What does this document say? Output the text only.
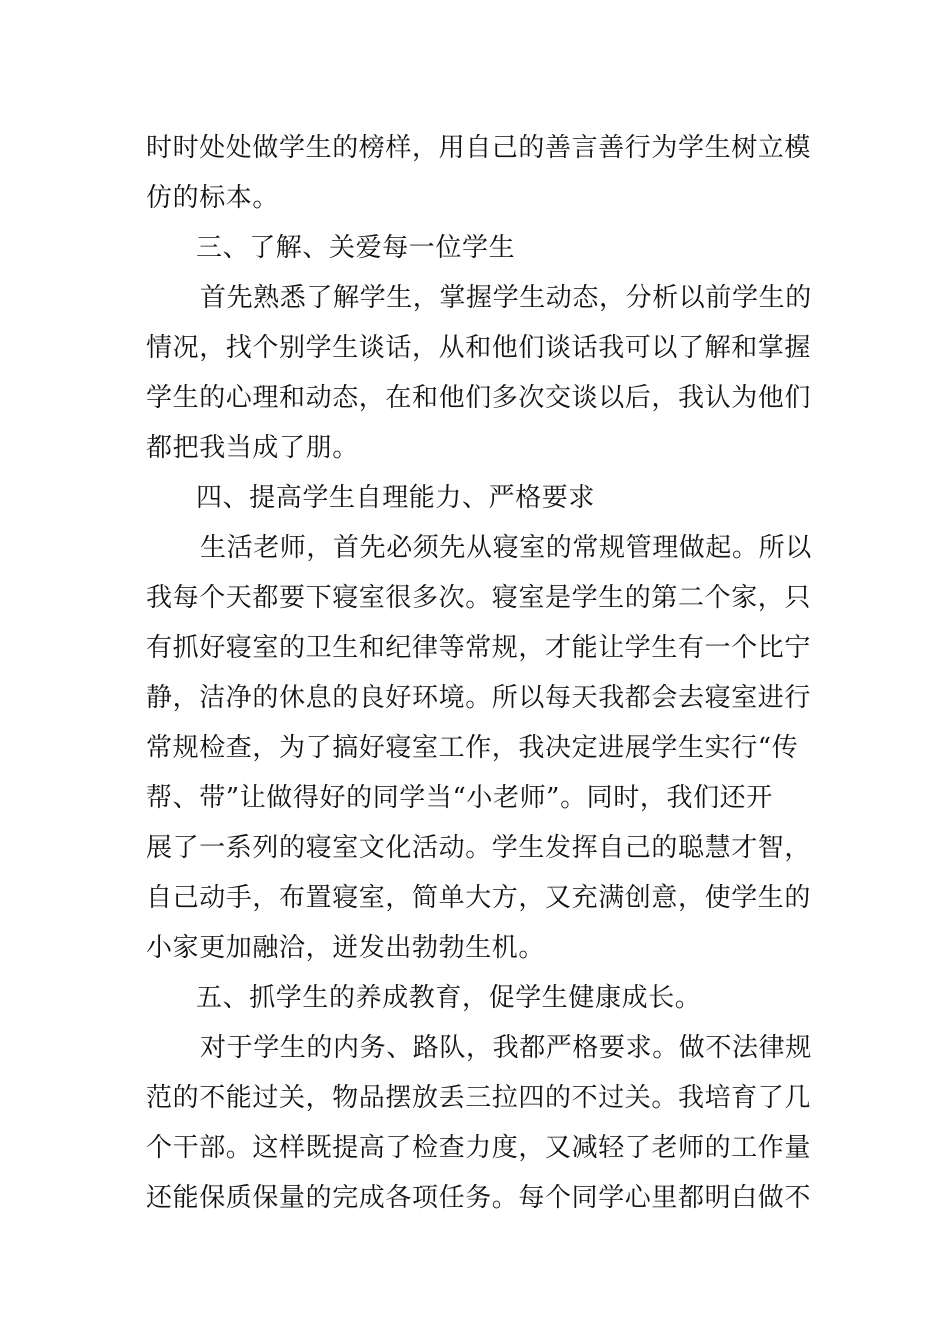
时时处处做学生的榜样，用自己的善言善行为学生树立模

仿的标本。

三、了解、关爱每一位学生

首先熟悉了解学生，掌握学生动态，分析以前学生的

情况，找个别学生谈话，从和他们谈话我可以了解和掌握

学生的心理和动态，在和他们多次交谈以后，我认为他们

都把我当成了朋。

四、提高学生自理能力、严格要求

生活老师，首先必须先从寝室的常规管理做起。所以

我每个天都要下寝室很多次。寝室是学生的第二个家，只

有抓好寝室的卫生和纪律等常规，才能让学生有一个比宁

静，洁净的休息的良好环境。所以每天我都会去寝室进行

常规检查，为了搞好寝室工作，我决定进展学生实行“传

帮、带”让做得好的同学当“小老师”。同时，我们还开

展了一系列的寝室文化活动。学生发挥自己的聪慧才智，

自己动手，布置寝室，简单大方，又充满创意，使学生的

小家更加融洽，迸发出勃勃生机。

五、抓学生的养成教育，促学生健康成长。

对于学生的内务、路队，我都严格要求。做不法律规

范的不能过关，物品摆放丢三拉四的不过关。我培育了几

个干部。这样既提高了检查力度，又减轻了老师的工作量

还能保质保量的完成各项任务。每个同学心里都明白做不
